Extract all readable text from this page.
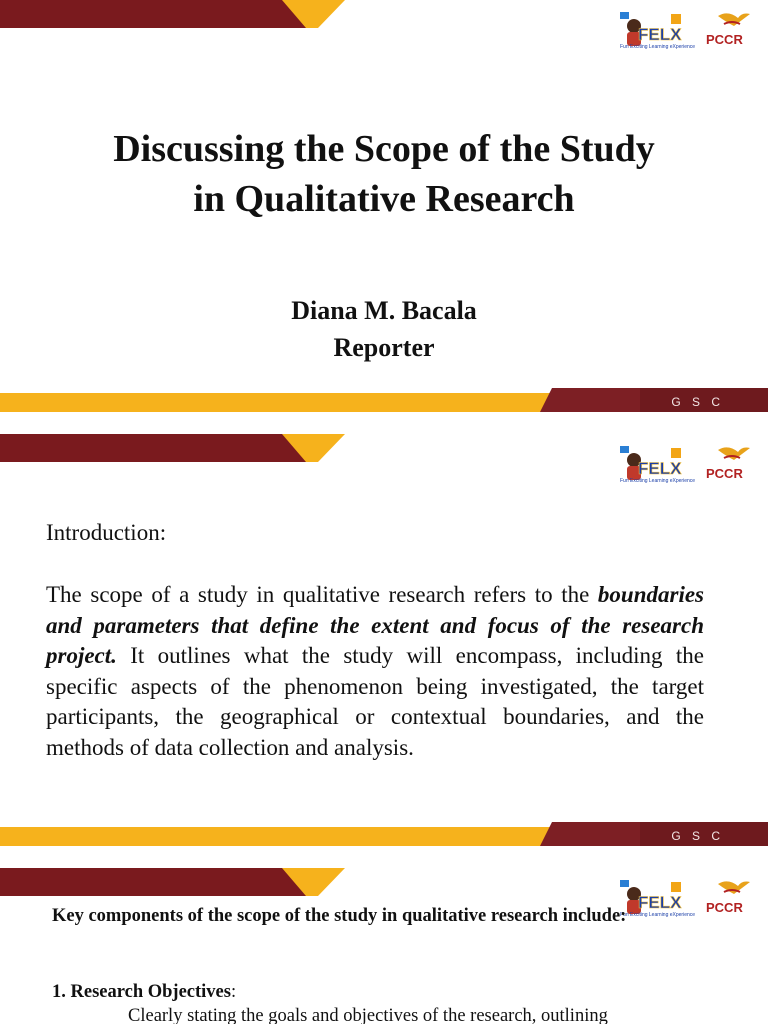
FELX
Fun Exciting Learning eXperience PCCR
Discussing the Scope of the Study
in Qualitative Research
Diana M. Bacala
Reporter
G S C
FELX
Fun Exciting Learning eXperience PCCR
Introduction:
The scope of a study in qualitative research refers to the boundaries and parameters that define the extent and focus of the research project. It outlines what the study will encompass, including the specific aspects of the phenomenon being investigated, the target participants, the geographical or contextual boundaries, and the methods of data collection and analysis.
G S C
FELX
Fun Exciting Learning eXperience PCCR
Key components of the scope of the study in qualitative research include:
1. Research Objectives:
Clearly stating the goals and objectives of the research, outlining
